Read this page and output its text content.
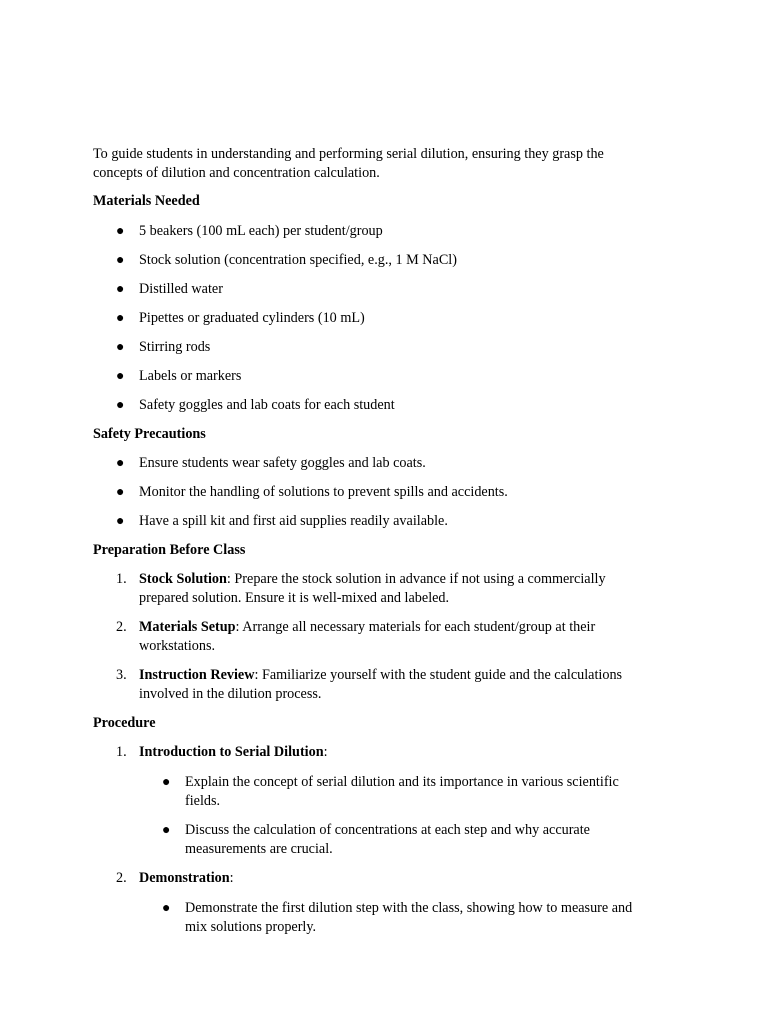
To guide students in understanding and performing serial dilution, ensuring they grasp the
concepts of dilution and concentration calculation.
Materials Needed
● 5 beakers (100 mL each) per student/group
● Stock solution (concentration specified, e.g., 1 M NaCl)
● Distilled water
● Pipettes or graduated cylinders (10 mL)
● Stirring rods
● Labels or markers
● Safety goggles and lab coats for each student
Safety Precautions
● Ensure students wear safety goggles and lab coats.
● Monitor the handling of solutions to prevent spills and accidents.
● Have a spill kit and first aid supplies readily available.
Preparation Before Class
1. Stock Solution: Prepare the stock solution in advance if not using a commercially
prepared solution. Ensure it is well-mixed and labeled.
2. Materials Setup: Arrange all necessary materials for each student/group at their
workstations.
3. Instruction Review: Familiarize yourself with the student guide and the calculations
involved in the dilution process.
Procedure
1. Introduction to Serial Dilution:
● Explain the concept of serial dilution and its importance in various scientific
fields.
● Discuss the calculation of concentrations at each step and why accurate
measurements are crucial.
2. Demonstration:
● Demonstrate the first dilution step with the class, showing how to measure and
mix solutions properly.
